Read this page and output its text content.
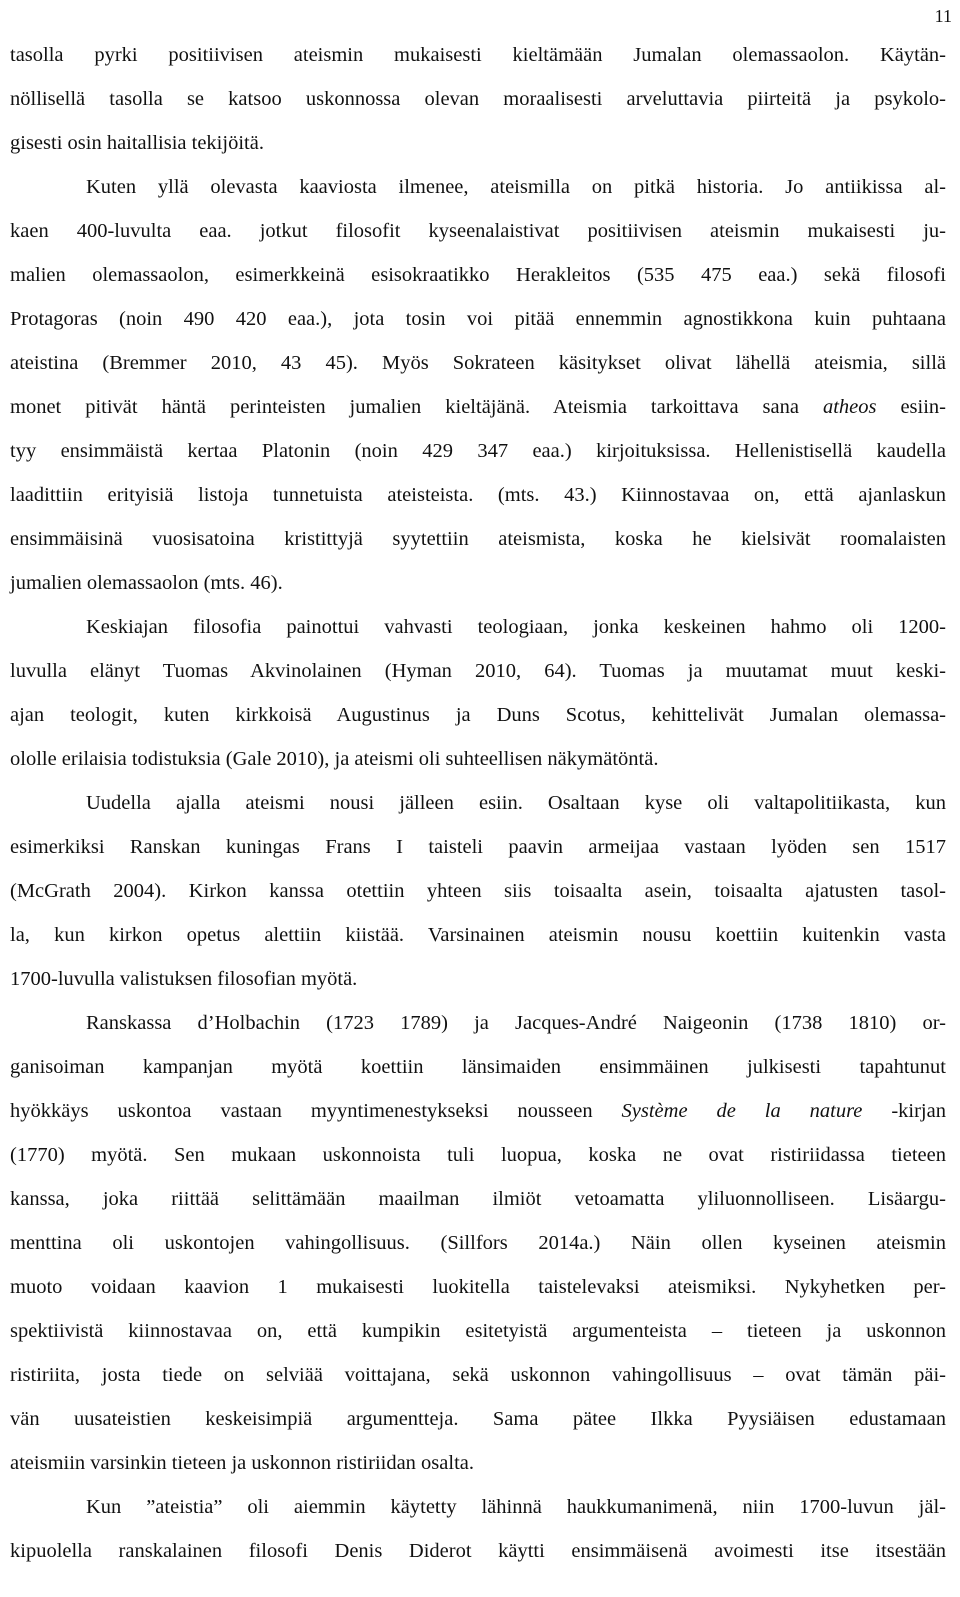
11
tasolla pyrki positiivisen ateismin mukaisesti kieltämään Jumalan olemassaolon. Käytän-
nöllisellä tasolla se katsoo uskonnossa olevan moraalisesti arveluttavia piirteitä ja psykolo-
gisesti osin haitallisia tekijöitä.
Kuten yllä olevasta kaaviosta ilmenee, ateismilla on pitkä historia. Jo antiikissa al-
kaen 400-luvulta eaa. jotkut filosofit kyseenalaistivat positiivisen ateismin mukaisesti ju-
malien olemassaolon, esimerkkeinä esisokraatikko Herakleitos (535 475 eaa.) sekä filosofi
Protagoras (noin 490 420 eaa.), jota tosin voi pitää ennemmin agnostikkona kuin puhtaana
ateistina (Bremmer 2010, 43 45). Myös Sokrateen käsitykset olivat lähellä ateismia, sillä
monet pitivät häntä perinteisten jumalien kieltäjänä. Ateismia tarkoittava sana atheos esiin-
tyy ensimmäistä kertaa Platonin (noin 429 347 eaa.) kirjoituksissa. Hellenistisellä kaudella
laadittiin erityisiä listoja tunnetuista ateisteista. (mts. 43.) Kiinnostavaa on, että ajanlaskun
ensimmäisinä vuosisatoina kristittyjä syytettiin ateismista, koska he kielsivät roomalaisten
jumalien olemassaolon (mts. 46).
Keskiajan filosofia painottui vahvasti teologiaan, jonka keskeinen hahmo oli 1200-
luvulla elänyt Tuomas Akvinolainen (Hyman 2010, 64). Tuomas ja muutamat muut keski-
ajan teologit, kuten kirkkoisä Augustinus ja Duns Scotus, kehittelivät Jumalan olemassa-
ololle erilaisia todistuksia (Gale 2010), ja ateismi oli suhteellisen näkymätöntä.
Uudella ajalla ateismi nousi jälleen esiin. Osaltaan kyse oli valtapolitiikasta, kun
esimerkiksi Ranskan kuningas Frans I taisteli paavin armeijaa vastaan lyöden sen 1517
(McGrath 2004). Kirkon kanssa otettiin yhteen siis toisaalta asein, toisaalta ajatusten tasol-
la, kun kirkon opetus alettiin kiistää. Varsinainen ateismin nousu koettiin kuitenkin vasta
1700-luvulla valistuksen filosofian myötä.
Ranskassa d’Holbachin (1723 1789) ja Jacques-André Naigeonin (1738 1810) or-
ganisoiman kampanjan myötä koettiin länsimaiden ensimmäinen julkisesti tapahtunut
hyökkäys uskontoa vastaan myyntimenestykseksi nousseen Système de la nature -kirjan
(1770) myötä. Sen mukaan uskonnoista tuli luopua, koska ne ovat ristiriidassa tieteen
kanssa, joka riittää selittämään maailman ilmiöt vetoamatta yliluonnolliseen. Lisäargu-
menttina oli uskontojen vahingollisuus. (Sillfors 2014a.) Näin ollen kyseinen ateismin
muoto voidaan kaavion 1 mukaisesti luokitella taistelevaksi ateismiksi. Nykyhetken per-
spektiivistä kiinnostavaa on, että kumpikin esitetyistä argumenteista – tieteen ja uskonnon
ristiriita, josta tiede on selviää voittajana, sekä uskonnon vahingollisuus – ovat tämän päi-
vän uusateistien keskeisimpiä argumentteja. Sama pätee Ilkka Pyysiäisen edustamaan
ateismiin varsinkin tieteen ja uskonnon ristiriidan osalta.
Kun ”ateistia” oli aiemmin käytetty lähinnä haukkumanimenä, niin 1700-luvun jäl-
kipuolella ranskalainen filosofi Denis Diderot käytti ensimmäisenä avoimesti itse itsestään
